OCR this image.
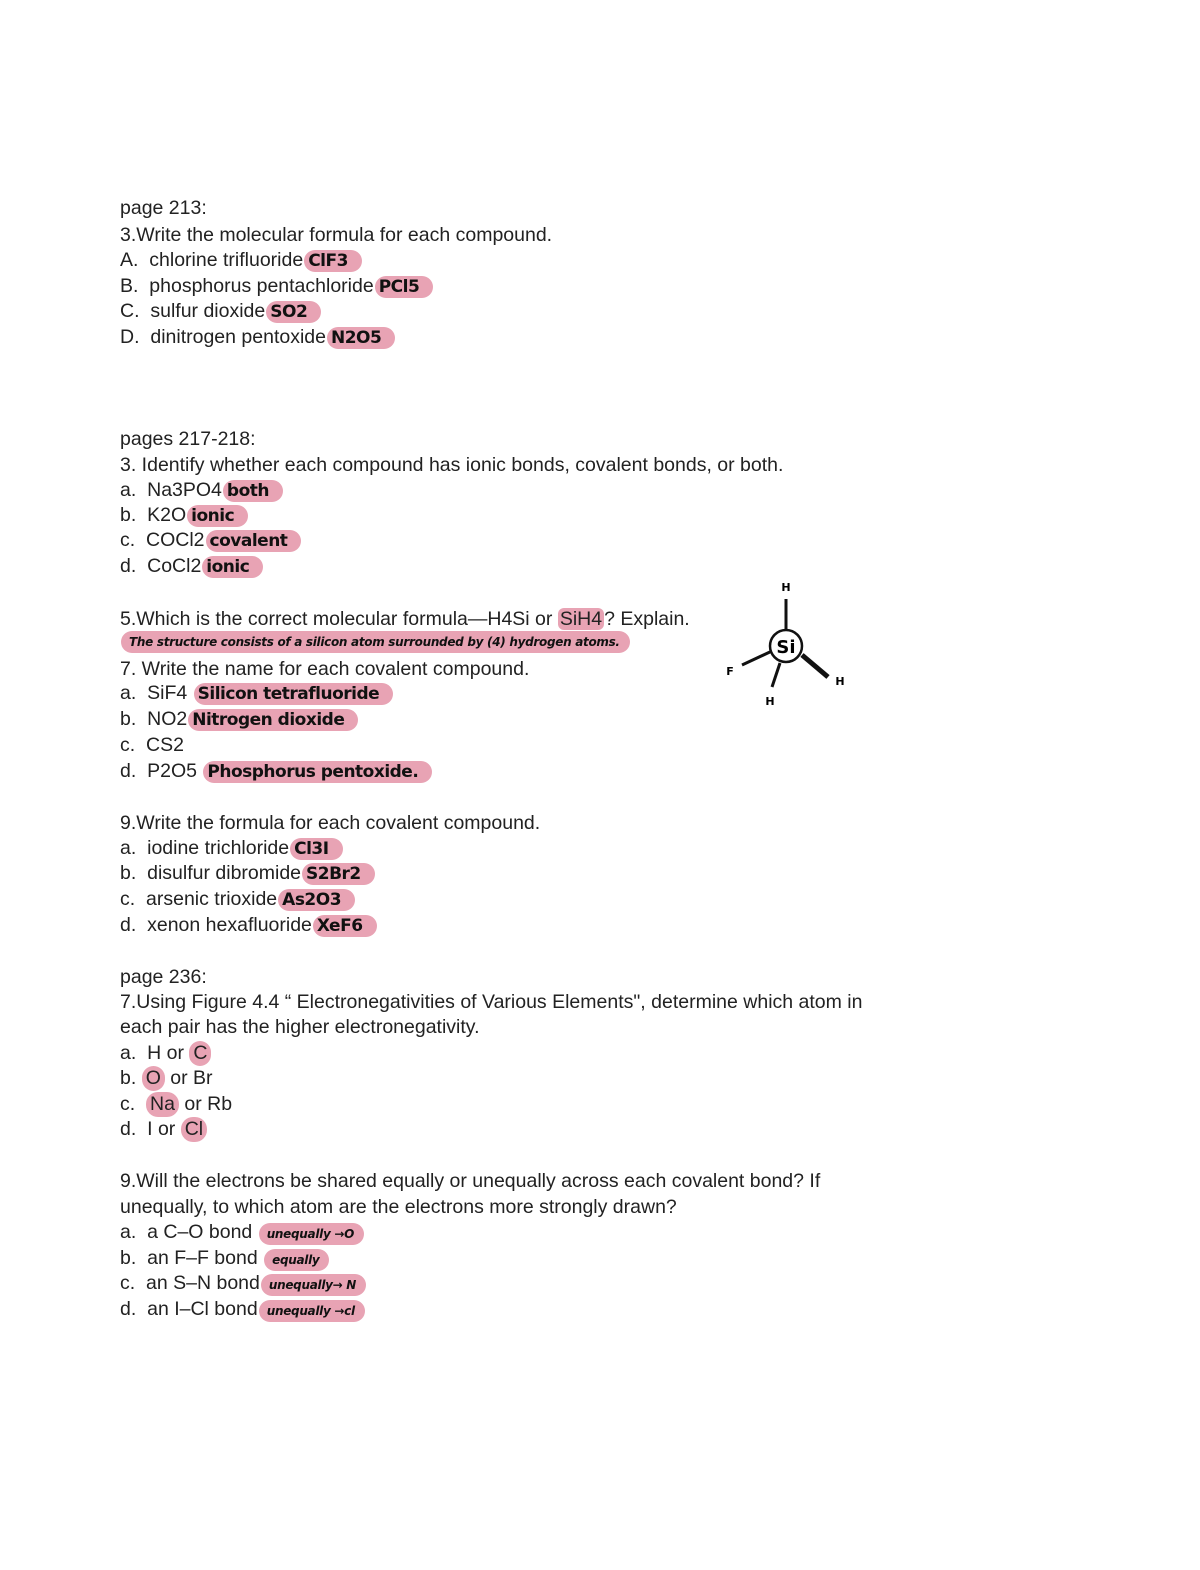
page 213:
3.Write the molecular formula for each compound.
A. chlorine trifluoride ClF3
B. phosphorus pentachloride PCl5
C. sulfur dioxide SO2
D. dinitrogen pentoxide N2O5
pages 217-218:
3. Identify whether each compound has ionic bonds, covalent bonds, or both.
a. Na3PO4 both
b. K2O ionic
c. COCl2 covalent
d. CoCl2 ionic
5.Which is the correct molecular formula—H4Si or SiH4 ? Explain.
The structure consists of a silicon atom surrounded by (4) hydrogen atoms.	Si
H
F
H
H
7. Write the name for each covalent compound.
a. SiF4 Silicon tetrafluoride
b. NO2 Nitrogen dioxide
c. CS2
d. P2O5 Phosphorus pentoxide.
9.Write the formula for each covalent compound.
a. iodine trichloride Cl3I
b. disulfur dibromide S2Br2
c. arsenic trioxide As2O3
d. xenon hexafluoride XeF6
page 236:
7.Using Figure 4.4 “ Electronegativities of Various Elements", determine which atom in
each pair has the higher electronegativity.
a. H or C
b. O or Br
c. Na or Rb
d. I or Cl
9.Will the electrons be shared equally or unequally across each covalent bond? If
unequally, to which atom are the electrons more strongly drawn?
a. a C–O bond unequally →O
b. an F–F bond equally
c. an S–N bond unequally→ N
d. an I–Cl bond unequally →cl
